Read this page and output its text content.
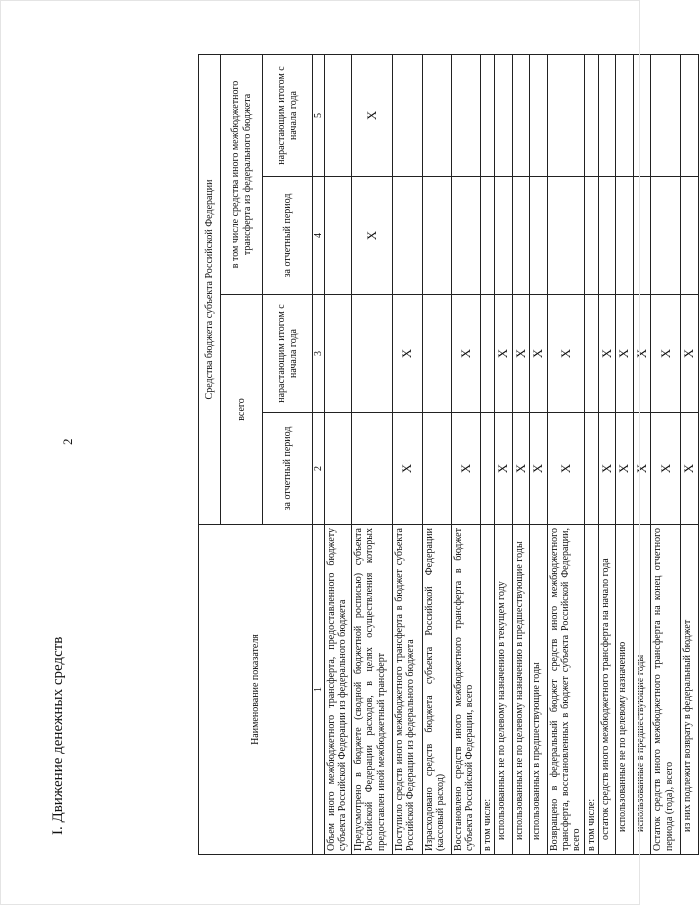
2
I. Движение денежных средств	Наименование показателя	Средства бюджета субъекта Российской Федерации			
	всего		в том числе средства иного межбюджетного трансферта из федерального бюджета	
	за отчетный период	нарастающим итогом с начала года	за отчетный период	нарастающим итогом с начала года
1	2	3	4	5
Объем иного межбюджетного трансферта, предоставленного бюджету субъекта Российской Федерации из федерального бюджета				
Предусмотрено в бюджете (сводной бюджетной росписью) субъекта Российской Федерации расходов, в целях осуществления которых предоставлен иной межбюджетный трансферт			X	X
Поступило средств иного межбюджетного трансферта в бюджет субъекта Российской Федерации из федерального бюджета	X	X		
Израсходовано средств бюджета субъекта Российской Федерации (кассовый расход)				
Восстановлено средств иного межбюджетного трансферта в бюджет субъекта Российской Федерации, всего	X	X		
в том числе:				
использованных не по целевому назначению в текущем году	X	X		
использованных не по целевому назначению в предшествующие годы	X	X		
использованных в предшествующие годы	X	X		
Возвращено в федеральный бюджет средств иного межбюджетного трансферта, восстановленных в бюджет субъекта Российской Федерации, всего	X	X		
в том числе:				
остаток средств иного межбюджетного трансферта на начало года	X	X		
использованные не по целевому назначению	X	X		
использованные в предшествующие годы	X	X		
Остаток средств иного межбюджетного трансферта на конец отчетного периода (года), всего	X	X		
из них подлежит возврату в федеральный бюджет	X	X		
